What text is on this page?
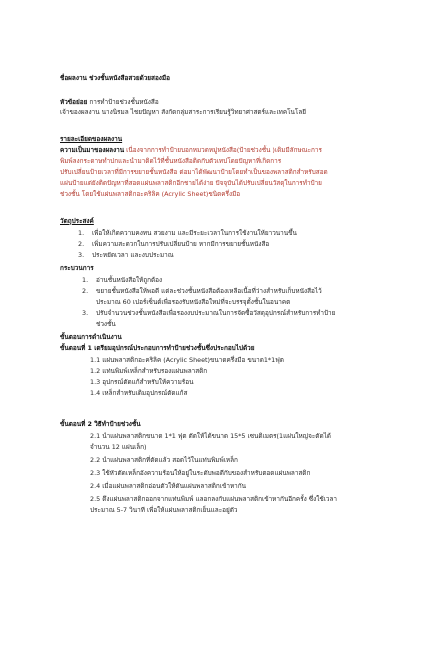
ชื่อผลงาน ช่วงชั้นหนังสือสวยด้วยสองมือ
หัวข้อย่อย การทำป้ายช่วงชั้นหนังสือ
เจ้าของผลงาน นางนิรมล ไชยปัญหา สังกัดกลุ่มสาระการเรียนรู้วิทยาศาสตร์และเทคโนโลยี
รายละเอียดของผลงาน
ความเป็นมาของผลงาน เนื่องจากการทำป้ายบอกหมวดหมู่หนังสือ(ป้ายช่วงชั้น )เดิมมีลักษณะการ
พิมพ์ลงกระดาษทำปกและนำมาติดไว้ที่ชั้นหนังสือติดกับตัวเทปโดยปัญหาที่เกิดการ
ปรับเปลี่ยนป้ายเวลาที่มีการขยายชั้นหนังสือ ต่อมาได้พัฒนาป้ายโดยทำเป็นของพลาสติกสำหรับสอด
แผ่นป้ายแต่ยังติดปัญหาที่สอดแผ่นพลาสติกอีกชายได้ง่าย ปัจจุบันได้ปรับเปลี่ยนวัสดุในการทำป้าย
ช่วงชั้น โดยใช้แผ่นพลาสติกอะคริลิค (Acrylic Sheet)ชนิดครึ่งมือ
วัตถุประสงค์
1. เพื่อให้เกิดความคงทน สวยงาม และมีระยะเวลาในการใช้งานให้ยาวนานขึ้น
2. เพิ่มความสะดวกในการปรับเปลี่ยนป้าย หากมีการขยายชั้นหนังสือ
3. ประหยัดเวลา และงบประมาณ
กระบวนการ
1. อ่านชั้นหนังสือให้ถูกต้อง
2. ขยายชั้นหนังสือให้พอดี แต่ละช่วงชั้นหนังสือต้องเหลือเนื้อที่ว่างสำหรับเก็บหนังสือไว้
ประมาณ 60 เปอร์เซ็นต์เพื่อรองรับหนังสือใหม่ที่จะบรรจุตั้งชั้นในอนาคต
3. ปรับจำนวนช่วงชั้นหนังสือเพื่อรองงบประมาณในการจัดซื้อวัสดุอุปกรณ์สำหรับการทำป้าย
ช่วงชั้น
ขั้นตอนการดำเนินงาน
ขั้นตอนที่ 1 เตรียมอุปกรณ์ประกอบการทำป้ายช่วงชั้นซึ่งประกอบไปด้วย
1.1 แผ่นพลาสติกอะคริลิค (Acrylic Sheet)ขนาดครึ่งมือ ขนาด1*1ฟุต
1.2 แท่นพิมพ์เหล็กสำหรับรองแผ่นพลาสติก
1.3 อุปกรณ์ตัดแก้สำหรับให้ความร้อน
1.4 เหล็กสำหรับเติมอุปกรณ์ตัดแก้ส
ขั้นตอนที่ 2 วิธีทำป้ายช่วงชั้น
2.1 นำแผ่นพลาสติกขนาด 1*1 ฟุต ตัดให้ได้ขนาด 15*5 เซนติเมตร(1แผ่นใหญ่จะตัดได้
จำนวน 12 แผ่นเล็ก)
2.2 นำแผ่นพลาสติกที่ตัดแล้ว สอดไว้ในแท่นพิมพ์เหล็ก
2.3 ใช้หัวตัดเหล็กอังความร้อนให้อยู่ในระดับพอดีกับของสำหรับตอดแผ่นพลาสติก
2.4 เมื่อแผ่นพลาสติกอ่อนตัวให้ดันแผ่นพลาสติกเข้าหากัน
2.5 ดึงแผ่นพลาสติกออกจากแท่นพิมพ์ แลอกลงกับแผ่นพลาสติกเข้าหากันอีกครั้ง ซึ่งใช้เวลา
ประมาณ 5-7 วินาที เพื่อให้แผ่นพลาสติกเย็นและอยู่ตัว
